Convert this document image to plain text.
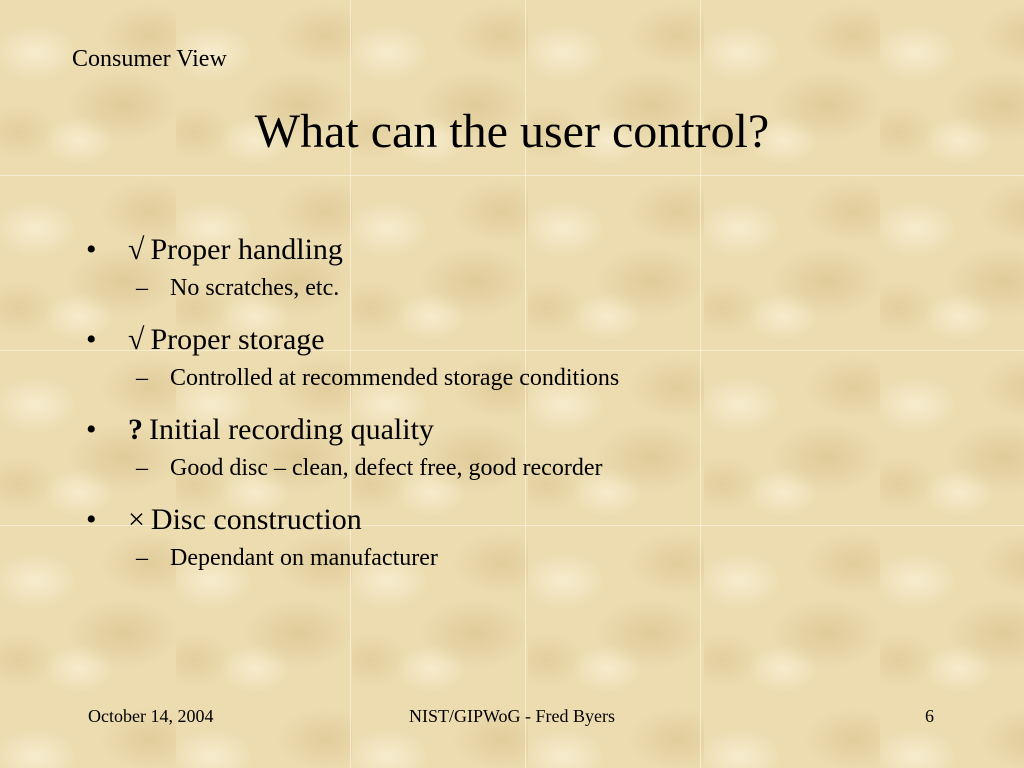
Consumer View
What can the user control?
• √ Proper handling
– No scratches, etc.
• √ Proper storage
– Controlled at recommended storage conditions
• ? Initial recording quality
– Good disc – clean, defect free, good recorder
• × Disc construction
– Dependant on manufacturer
October 14, 2004	NIST/GIPWoG - Fred Byers	6
